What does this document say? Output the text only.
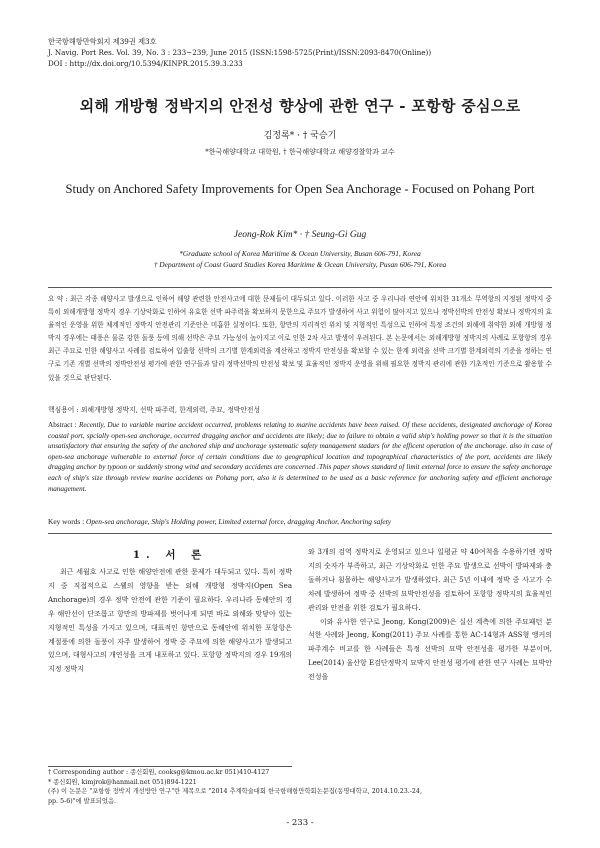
한국항해항만학회지 제39권 제3호
J. Navig. Port Res. Vol. 39, No. 3 : 233~239, June 2015 (ISSN:1598-5725(Print)/ISSN:2093-8470(Online))
DOI : http://dx.doi.org/10.5394/KINPR.2015.39.3.233
외해 개방형 정박지의 안전성 향상에 관한 연구 - 포항항 중심으로
김정록* · † 국승기
*한국해양대학교 대학원, † 한국해양대학교 해양경찰학과 교수
Study on Anchored Safety Improvements for Open Sea Anchorage - Focused on Pohang Port
Jeong-Rok Kim* · † Seung-Gi Gug
*Graduate school of Korea Maritime & Ocean University, Busan 606-791, Korea
† Department of Coast Guard Studies Korea Maritime & Ocean University, Pusan 606-791, Korea
요 약 : 최근 각종 해양사고 발생으로 인하여 해양 관련한 안전사고에 대한 문제들이 대두되고 있다. 이러한 사고 중 우리나라 연안에 위치한 31개소 무역항의 지정된 정박지 중 특히 외해개방형 정박지 경우 기상악화로 인하여 유효한 선박 파주력을 확보하지 못한으로 주묘가 발생하여 사고 위험이 많아지고 있으나 정박선박의 안전성 확보나 정박지의 효율적인 운영을 위한 체계적인 정박지 안전관리 기준안은 미흡한 실정이다. 또한, 항만의 지리적인 위치 및 지형적인 특성으로 인하여 특정 조건의 외해에 취약한 외해 개방형 정박지 경우에는 태풍은 물론 강한 돌풍 등에 의해 선박은 주묘 가능성이 높아지고 이로 인한 2차 사고 발생이 우려된다. 본 논문에서는 외해개방형 정박지의 사례로 포항항의 경우 최근 주묘로 인한 해양사고 사례를 검토하여 입출항 선박의 크기별 한계외력을 계산하고 정박지 안전성을 확보할 수 있는 한계 외력을 선박 크기별 한계외력의 기준을 정하는 연구로 기존 개별 선박의 정박안전성 평가에 관한 연구들과 달리 정박선박의 안전성 확보 및 효율적인 정박지 운영을 위해 필요한 정박지 관리에 관한 기초적인 기준으로 활용할 수 있을 것으로 판단된다.
핵심용어 : 외해개방형 정박지, 선박 파주력, 한계외력, 주묘, 정박안전성
Abstract : Recently, Due to variable marine accident occurred, problems relating to marine accidents have been raised. Of these accidents, designated anchorage of Korea coastal port, spcially open-sea anchorage, occurred dragging anchor and accidents are likely; due to failure to obtain a valid ship's holding power so that it is the situation unsatisfactory that ensuring the safety of the anchored ship and anchorage systematic safety management stadars for the efficent operation of the anchorage. also in case of open-sea anchorage vulnerable to external force of certain conditions due to geographical location and topographical characteristics of the port, accidents are likely dragging anchor by typoon or suddenly strong wind and secondary accidents are concerned .This paper shows standard of limit external force to ensure the safety anchorage each of ship's size through review marine accidents on Pohang port, also it is determined to be used as a basic reference for anchoring safety and efficient anchorage management.
Key words : Open-sea anchorage, Ship's Holding power, Limited external force, dragging Anchor, Anchoring safety
1. 서 론

최근 세월호 사고로 인한 해양안전에 관한 문제가 대두되고 있다. 특히 정박지 중 직접적으로 스웰의 영향을 받는 외해 개방형 정박지(Open Sea Anchorage)의 경우 정박 안전에 관한 기준이 필요하다. 우리나라 동해안의 경우 해안선이 단조롭고 항만의 방파제를 벗어나게 되면 바로 외해와 맞닿아 있는 지형적인 특성을 가지고 있으며, 대표적인 항만으로 동해안에 위치한 포항항은 계절풍에 의한 돌풍이 자주 발생하여 정박 중 주묘에 의한 해양사고가 발생되고 있으며, 대형사고의 개연성을 크게 내포하고 있다. 포항항 정박지의 경우 19개의 지정 정박지

와 3개의 검역 정박지로 운영되고 있으나 일평균 약 40여척을 수용하기엔 정박지의 숫자가 부족하고, 최근 기상악화로 인한 주묘 발생으로 선박이 방파제와 충돌하거나 침몰하는 해양사고가 발생하였다. 최근 5년 이내에 정박 중 사고가 수차례 발생하여 정박 중 선박의 묘박안전성을 검토하여 포항항 정박지의 효율적인 관리와 안전을 위한 검토가 필요하다.

이와 유사한 연구로 Jeong, Kong(2009)은 실선 계측에 의한 주묘패턴 분석한 사례와 Jeong, Kong(2011) 주묘 사례를 통한 AC-14형과 ASS형 앵커의 파주계수 비교를 한 사례들은 특정 선박의 묘박 안전성을 평가한 부분이며, Lee(2014) 울산항 E검단정박지 묘박지 안전성 평가에 관한 연구 사례는 묘박안전성을

† Corresponding author : 종신회원, cooksg@kmou.ac.kr 051)410-4127
* 종신회원, kimjrok@hanmail.net 051)894-1221
(주) 이 논문은 "포항항 정박지 개선방안 연구"란 제목으로 "2014 추계학술대회 한국항해항만학회논문집(동명대학교, 2014.10.23.-24,
pp. 5-6)"에 발표되었음.
- 233 -
